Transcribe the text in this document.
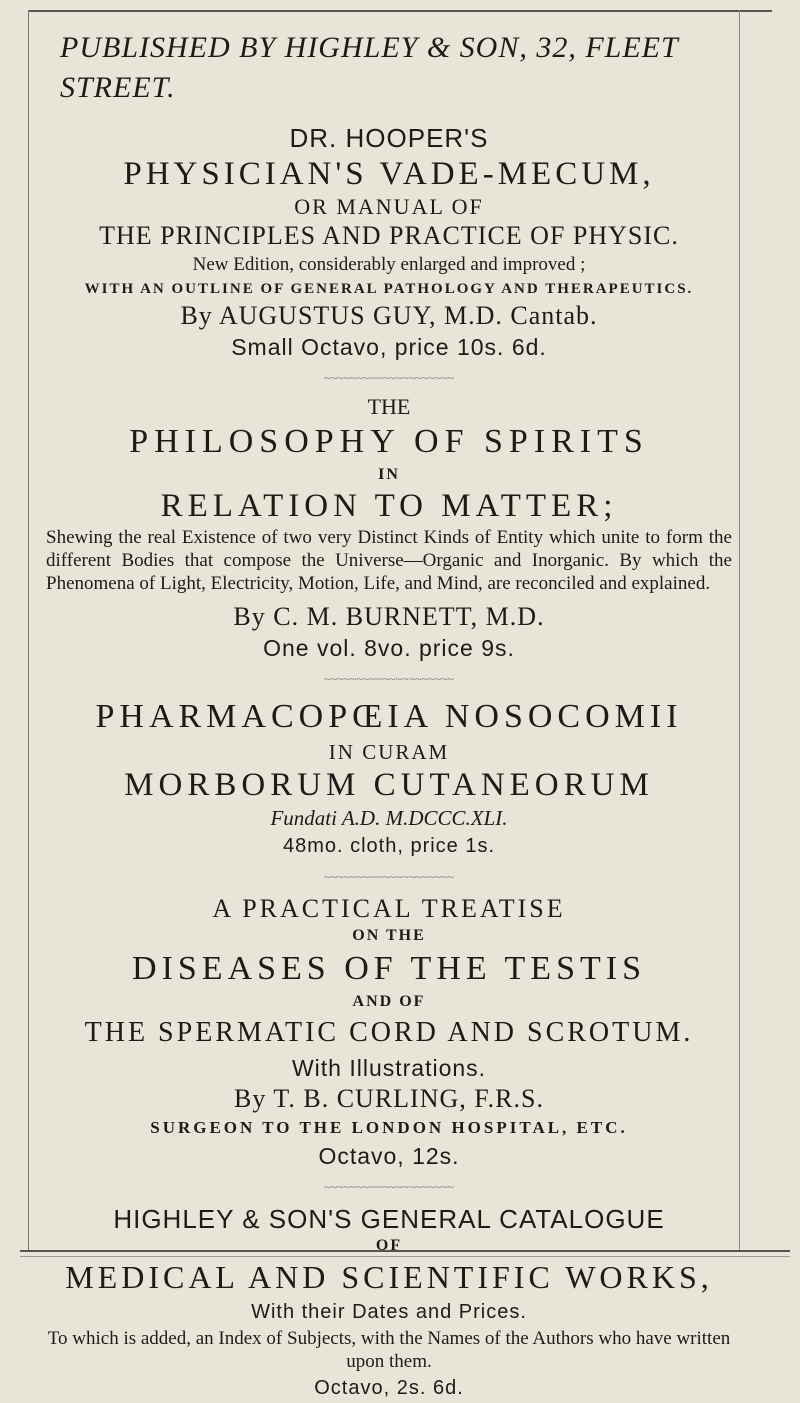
PUBLISHED BY HIGHLEY & SON, 32, FLEET STREET.
DR. HOOPER'S
PHYSICIAN'S VADE-MECUM,
OR MANUAL OF
THE PRINCIPLES AND PRACTICE OF PHYSIC.
New Edition, considerably enlarged and improved ;
WITH AN OUTLINE OF GENERAL PATHOLOGY AND THERAPEUTICS.
By AUGUSTUS GUY, M.D. Cantab.
Small Octavo, price 10s. 6d.
~~~~~~~~~~~~~~~~~~~~
THE
PHILOSOPHY OF SPIRITS
IN
RELATION TO MATTER;
Shewing the real Existence of two very Distinct Kinds of Entity which unite to form the different Bodies that compose the Universe—Organic and Inorganic. By which the Phenomena of Light, Electricity, Motion, Life, and Mind, are reconciled and explained.
By C. M. BURNETT, M.D.
One vol. 8vo. price 9s.
~~~~~~~~~~~~~~~~~~~~
PHARMACOPŒIA NOSOCOMII
IN CURAM
MORBORUM CUTANEORUM
Fundati A.D. M.DCCC.XLI.
48mo. cloth, price 1s.
~~~~~~~~~~~~~~~~~~~~
A PRACTICAL TREATISE
ON THE
DISEASES OF THE TESTIS
AND OF
THE SPERMATIC CORD AND SCROTUM.
With Illustrations.
By T. B. CURLING, F.R.S.
SURGEON TO THE LONDON HOSPITAL, ETC.
Octavo, 12s.
~~~~~~~~~~~~~~~~~~~~
HIGHLEY & SON'S GENERAL CATALOGUE
OF
MEDICAL AND SCIENTIFIC WORKS,
With their Dates and Prices.
To which is added, an Index of Subjects, with the Names of the Authors who have written upon them.
Octavo, 2s. 6d.
